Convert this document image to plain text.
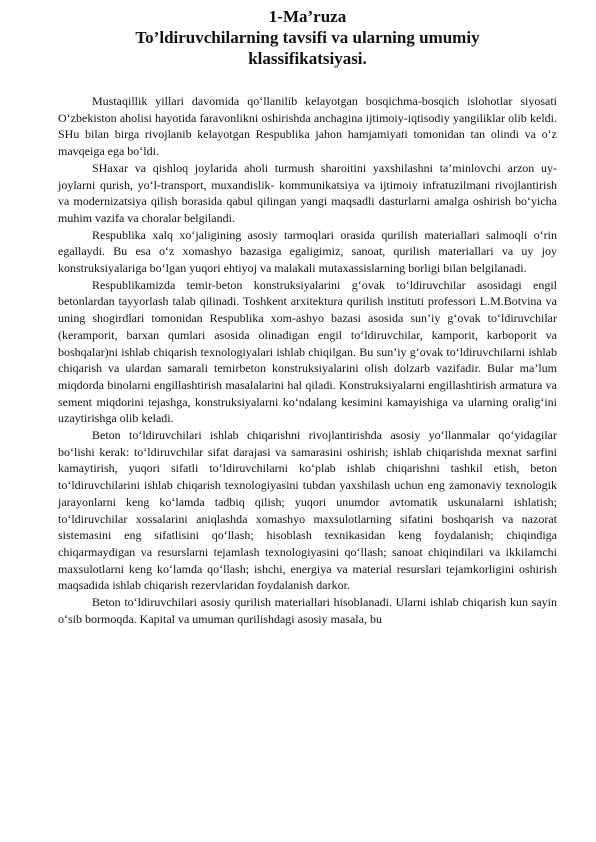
1-Ma’ruza
To’ldiruvchilarning tavsifi va ularning umumiy
klassifikatsiyasi.

Mustaqillik yillari davomida qo‘llanilib kelayotgan bosqichma-bosqich islohotlar siyosati O‘zbekiston aholisi hayotida faravonlikni oshirishda anchagina ijtimoiy-iqtisodiy yangiliklar olib keldi. SHu bilan birga rivojlanib kelayotgan Respublika jahon hamjamiyati tomonidan tan olindi va o‘z mavqeiga ega bo‘ldi.

SHaxar va qishloq joylarida aholi turmush sharoitini yaxshilashni ta’minlovchi arzon uy-joylarni qurish, yo‘l-transport, muxandislik- kommunikatsiya va ijtimoiy infratuzilmani rivojlantirish va modernizatsiya qilish borasida qabul qilingan yangi maqsadli dasturlarni amalga oshirish bo‘yicha muhim vazifa va choralar belgilandi.

Respublika xalq xo‘jaligining asosiy tarmoqlari orasida qurilish materiallari salmoqli o‘rin egallaydi. Bu esa o‘z xomashyo bazasiga egaligimiz, sanoat, qurilish materiallari va uy joy konstruksiyalariga bo‘lgan yuqori ehtiyoj va malakali mutaxassislarning borligi bilan belgilanadi.

Respublikamizda temir-beton konstruksiyalarini g‘ovak to‘ldiruvchilar asosidagi engil betonlardan tayyorlash talab qilinadi. Toshkent arxitektura qurilish instituti professori L.M.Botvina va uning shogirdlari tomonidan Respublika xom-ashyo bazasi asosida sun’iy g‘ovak to‘ldiruvchilar (keramporit, barxan qumlari asosida olinadigan engil to‘ldiruvchilar, kamporit, karboporit va boshqalar)ni ishlab chiqarish texnologiyalari ishlab chiqilgan. Bu sun’iy g‘ovak to‘ldiruvchilarni ishlab chiqarish va ulardan samarali temirbeton konstruksiyalarini olish dolzarb vazifadir. Bular ma’lum miqdorda binolarni engillashtirish masalalarini hal qiladi. Konstruksiyalarni engillashtirish armatura va sement miqdorini tejashga, konstruksiyalarni ko‘ndalang kesimini kamayishiga va ularning oralig‘ini uzaytirishga olib keladi.

Beton to‘ldiruvchilari ishlab chiqarishni rivojlantirishda asosiy yo‘llanmalar qo‘yidagilar bo‘lishi kerak: to‘ldiruvchilar sifat darajasi va samarasini oshirish; ishlab chiqarishda mexnat sarfini kamaytirish, yuqori sifatli to‘ldiruvchilarni ko‘plab ishlab chiqarishni tashkil etish, beton to‘ldiruvchilarini ishlab chiqarish texnologiyasini tubdan yaxshilash uchun eng zamonaviy texnologik jarayonlarni keng ko‘lamda tadbiq qilish; yuqori unumdor avtomatik uskunalarni ishlatish; to‘ldiruvchilar xossalarini aniqlashda xomashyo maxsulotlarning sifatini boshqarish va nazorat sistemasini eng sifatlisini qo‘llash; hisoblash texnikasidan keng foydalanish; chiqindiga chiqarmaydigan va resurslarni tejamlash texnologiyasini qo‘llash; sanoat chiqindilari va ikkilamchi maxsulotlarni keng ko‘lamda qo‘llash; ishchi, energiya va material resurslari tejamkorligini oshirish maqsadida ishlab chiqarish rezervlaridan foydalanish darkor.

Beton to‘ldiruvchilari asosiy qurilish materiallari hisoblanadi. Ularni ishlab chiqarish kun sayin o‘sib bormoqda. Kapital va umuman qurilishdagi asosiy masala, bu
